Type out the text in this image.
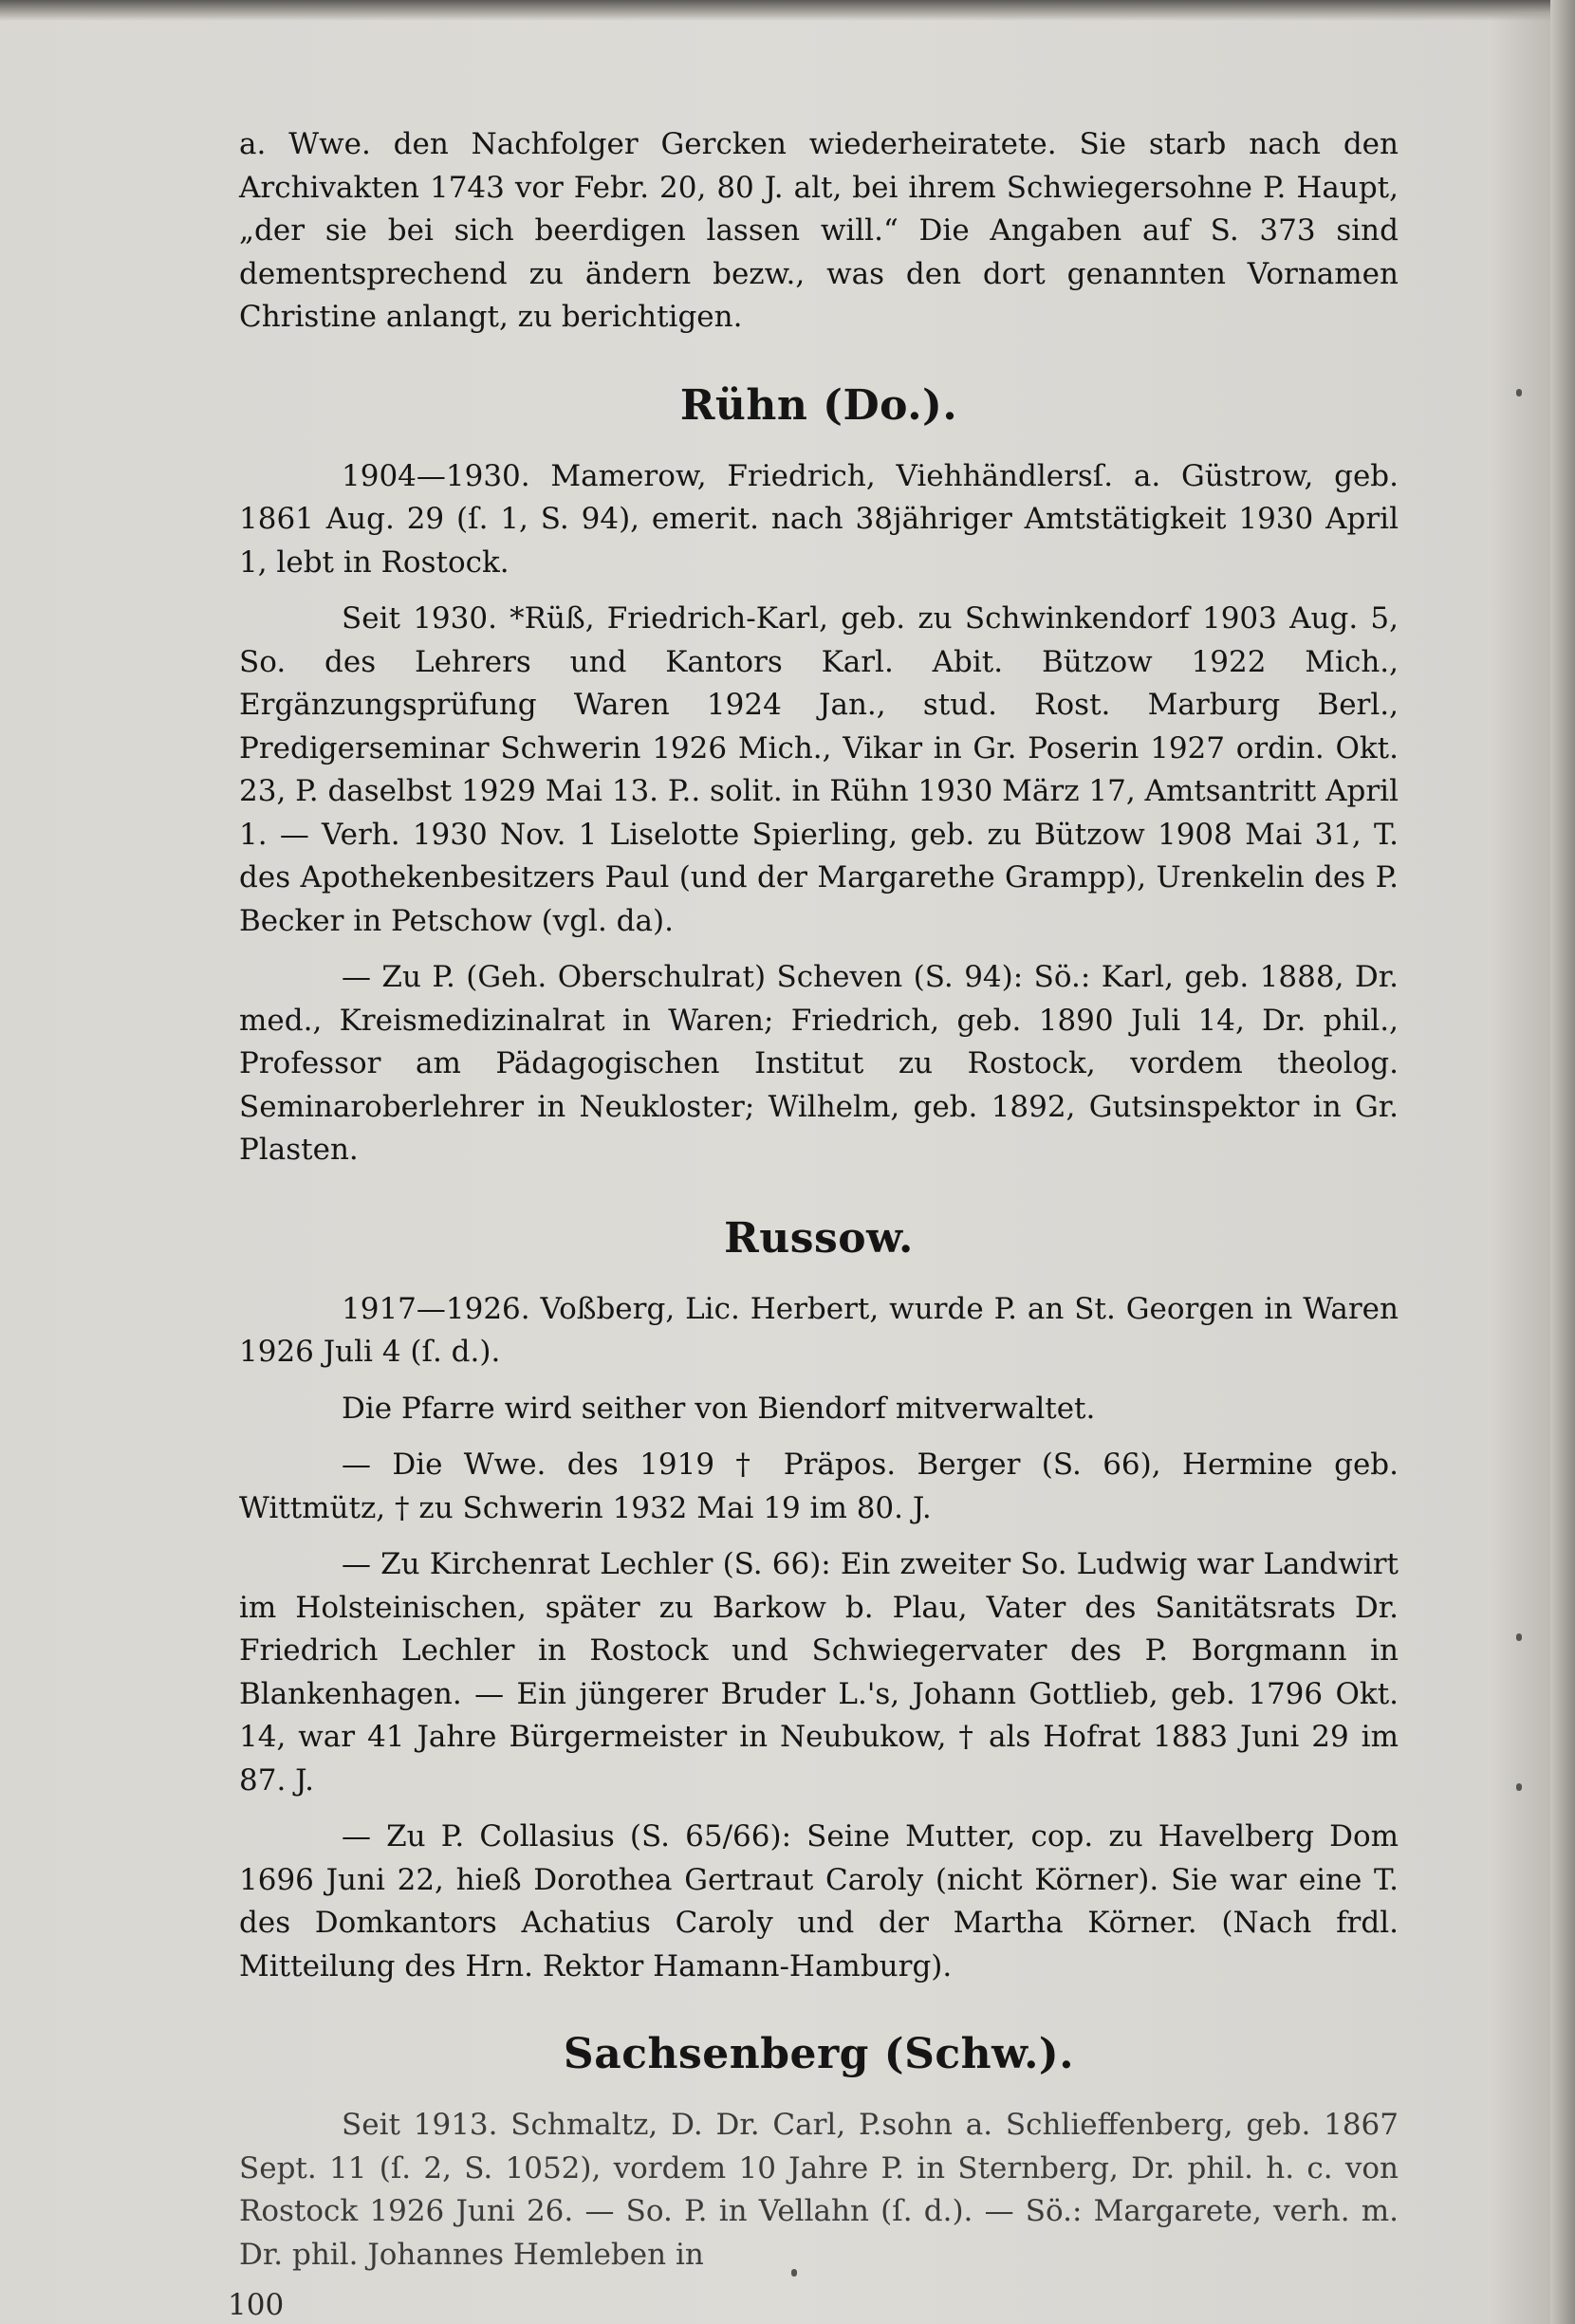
a. Wwe. den Nachfolger Gercken wiederheiratete. Sie starb nach den Archivakten 1743 vor Febr. 20, 80 J. alt, bei ihrem Schwiegersohne P. Haupt, „der sie bei sich beerdigen lassen will.“ Die Angaben auf S. 373 sind dementsprechend zu ändern bezw., was den dort genannten Vornamen Christine anlangt, zu berichtigen.

Rühn (Do.).

1904—1930. Mamerow, Friedrich, Viehhändlersſ. a. Güstrow, geb. 1861 Aug. 29 (ſ. 1, S. 94), emerit. nach 38jähriger Amtstätigkeit 1930 April 1, lebt in Rostock.

Seit 1930. *Rüß, Friedrich-Karl, geb. zu Schwinkendorf 1903 Aug. 5, So. des Lehrers und Kantors Karl. Abit. Bützow 1922 Mich., Ergänzungsprüfung Waren 1924 Jan., stud. Rost. Marburg Berl., Predigerseminar Schwerin 1926 Mich., Vikar in Gr. Poserin 1927 ordin. Okt. 23, P. daselbst 1929 Mai 13. P.. solit. in Rühn 1930 März 17, Amtsantritt April 1. — Verh. 1930 Nov. 1 Liselotte Spierling, geb. zu Bützow 1908 Mai 31, T. des Apothekenbesitzers Paul (und der Margarethe Grampp), Urenkelin des P. Becker in Petschow (vgl. da).

— Zu P. (Geh. Oberschulrat) Scheven (S. 94): Sö.: Karl, geb. 1888, Dr. med., Kreismedizinalrat in Waren; Friedrich, geb. 1890 Juli 14, Dr. phil., Professor am Pädagogischen Institut zu Rostock, vordem theolog. Seminaroberlehrer in Neukloster; Wilhelm, geb. 1892, Gutsinspektor in Gr. Plasten.

Russow.

1917—1926. Voßberg, Lic. Herbert, wurde P. an St. Georgen in Waren 1926 Juli 4 (ſ. d.).

Die Pfarre wird seither von Biendorf mitverwaltet.

— Die Wwe. des 1919 † Präpos. Berger (S. 66), Hermine geb. Wittmütz, † zu Schwerin 1932 Mai 19 im 80. J.

— Zu Kirchenrat Lechler (S. 66): Ein zweiter So. Ludwig war Landwirt im Holsteinischen, später zu Barkow b. Plau, Vater des Sanitätsrats Dr. Friedrich Lechler in Rostock und Schwiegervater des P. Borgmann in Blankenhagen. — Ein jüngerer Bruder L.'s, Johann Gottlieb, geb. 1796 Okt. 14, war 41 Jahre Bürgermeister in Neubukow, † als Hofrat 1883 Juni 29 im 87. J.

— Zu P. Collasius (S. 65/66): Seine Mutter, cop. zu Havelberg Dom 1696 Juni 22, hieß Dorothea Gertraut Caroly (nicht Körner). Sie war eine T. des Domkantors Achatius Caroly und der Martha Körner. (Nach frdl. Mitteilung des Hrn. Rektor Hamann-Hamburg).

Sachsenberg (Schw.).

Seit 1913. Schmaltz, D. Dr. Carl, P.sohn a. Schlieffenberg, geb. 1867 Sept. 11 (ſ. 2, S. 1052), vordem 10 Jahre P. in Sternberg, Dr. phil. h. c. von Rostock 1926 Juni 26. — So. P. in Vellahn (ſ. d.). — Sö.: Margarete, verh. m. Dr. phil. Johannes Hemleben in

100
